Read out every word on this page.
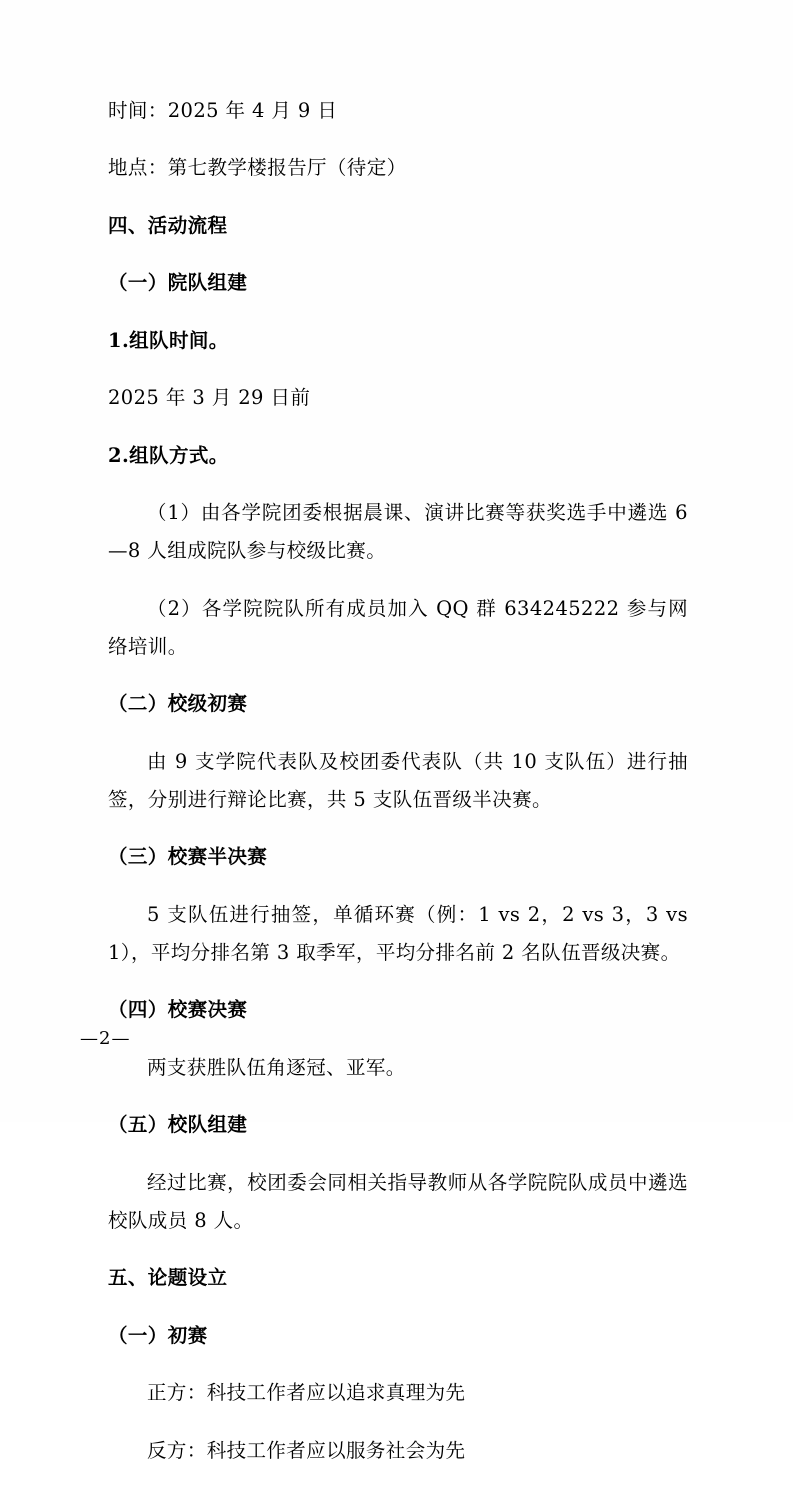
时间：2025 年 4 月 9 日

地点：第七教学楼报告厅（待定）

四、活动流程

（一）院队组建

1.组队时间。

2025 年 3 月 29 日前

2.组队方式。

（1）由各学院团委根据晨课、演讲比赛等获奖选手中遴选 6—8 人组成院队参与校级比赛。

（2）各学院院队所有成员加入 QQ 群 634245222 参与网络培训。

（二）校级初赛

由 9 支学院代表队及校团委代表队（共 10 支队伍）进行抽签，分别进行辩论比赛，共 5 支队伍晋级半决赛。

（三）校赛半决赛

5 支队伍进行抽签，单循环赛（例：1 vs 2，2 vs 3，3 vs 1），平均分排名第 3 取季军，平均分排名前 2 名队伍晋级决赛。

（四）校赛决赛

两支获胜队伍角逐冠、亚军。

（五）校队组建

经过比赛，校团委会同相关指导教师从各学院院队成员中遴选校队成员 8 人。

五、论题设立

（一）初赛

正方：科技工作者应以追求真理为先

反方：科技工作者应以服务社会为先

—2—
